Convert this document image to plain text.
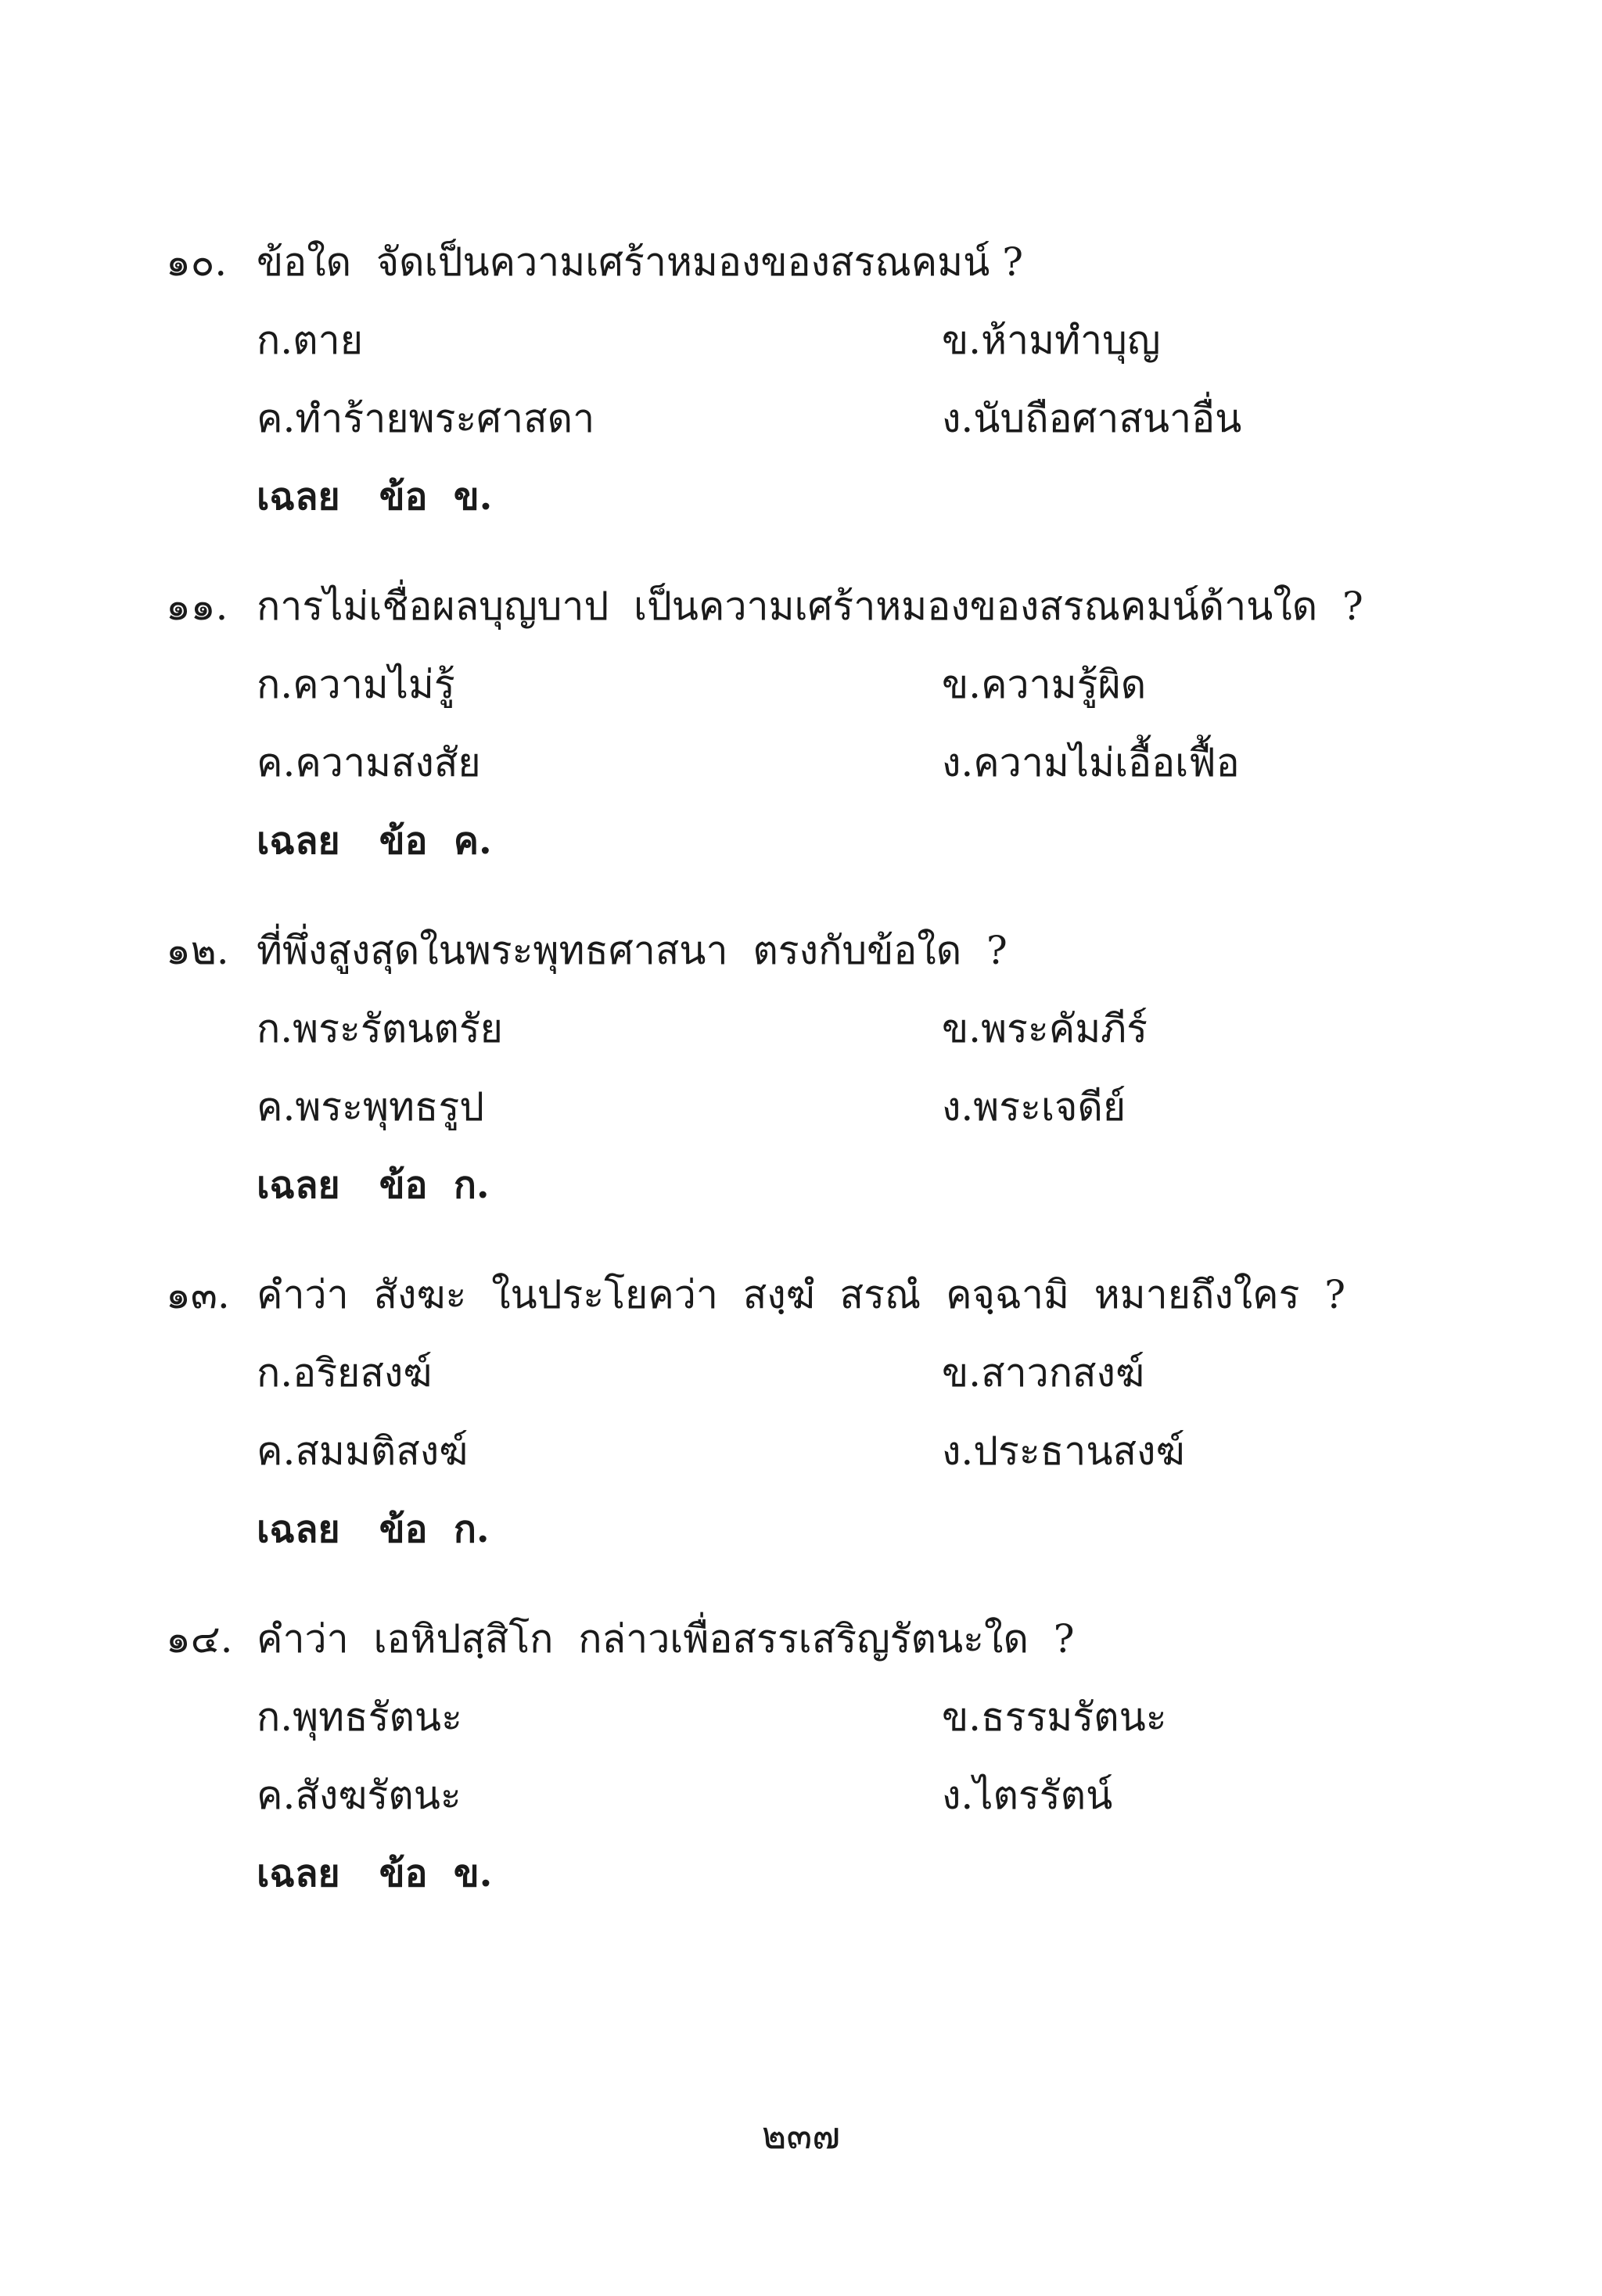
๑๐. ข้อใด  จัดเป็นความเศร้าหมองของสรณคมน์ ?
ก.ตาย	ข.ห้ามทำบุญ
ค.ทำร้ายพระศาสดา	ง.นับถือศาสนาอื่น
เฉลย   ข้อ  ข.
๑๑. การไม่เชื่อผลบุญบาป  เป็นความเศร้าหมองของสรณคมน์ด้านใด  ?
ก.ความไม่รู้	ข.ความรู้ผิด
ค.ความสงสัย	ง.ความไม่เอื้อเฟื้อ
เฉลย   ข้อ  ค.
๑๒. ที่พึ่งสูงสุดในพระพุทธศาสนา  ตรงกับข้อใด  ?
ก.พระรัตนตรัย	ข.พระคัมภีร์
ค.พระพุทธรูป	ง.พระเจดีย์
เฉลย   ข้อ  ก.
๑๓. คำว่า  สังฆะ  ในประโยคว่า  สงฺฆํ  สรณํ  คจฺฉามิ  หมายถึงใคร  ?
ก.อริยสงฆ์	ข.สาวกสงฆ์
ค.สมมติสงฆ์	ง.ประธานสงฆ์
เฉลย   ข้อ  ก.
๑๔. คำว่า  เอหิปสฺสิโก  กล่าวเพื่อสรรเสริญรัตนะใด  ?
ก.พุทธรัตนะ	ข.ธรรมรัตนะ
ค.สังฆรัตนะ	ง.ไตรรัตน์
เฉลย   ข้อ  ข.
๒๓๗
